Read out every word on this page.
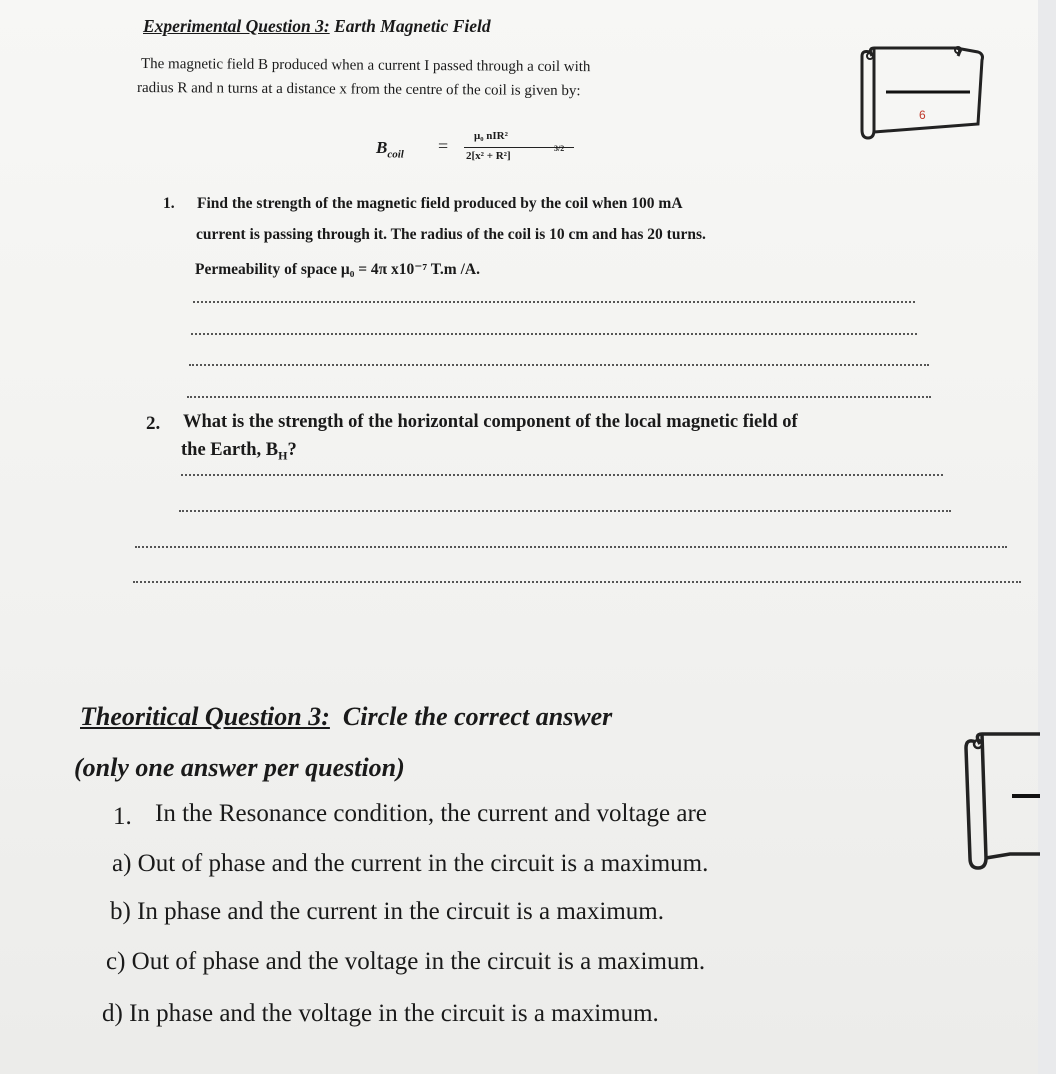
Experimental Question 3: Earth Magnetic Field
The magnetic field B produced when a current I passed through a coil with
radius R and n turns at a distance x from the centre of the coil is given by:
$B_{coil} = \mu_0$ nIR²
2[x² + R²]
3/2
6
1. Find the strength of the magnetic field produced by the coil when 100 mA
current is passing through it. The radius of the coil is 10 cm and has 20 turns.
Permeability of space μ₀ = 4π x10⁻⁷ T.m /A.
2. What is the strength of the horizontal component of the local magnetic field of
the Earth, $B_H$?
Theoritical Question 3: Circle the correct answer
(only one answer per question)
1. In the Resonance condition, the current and voltage are
a) Out of phase and the current in the circuit is a maximum.
b) In phase and the current in the circuit is a maximum.
c) Out of phase and the voltage in the circuit is a maximum.
d) In phase and the voltage in the circuit is a maximum.
